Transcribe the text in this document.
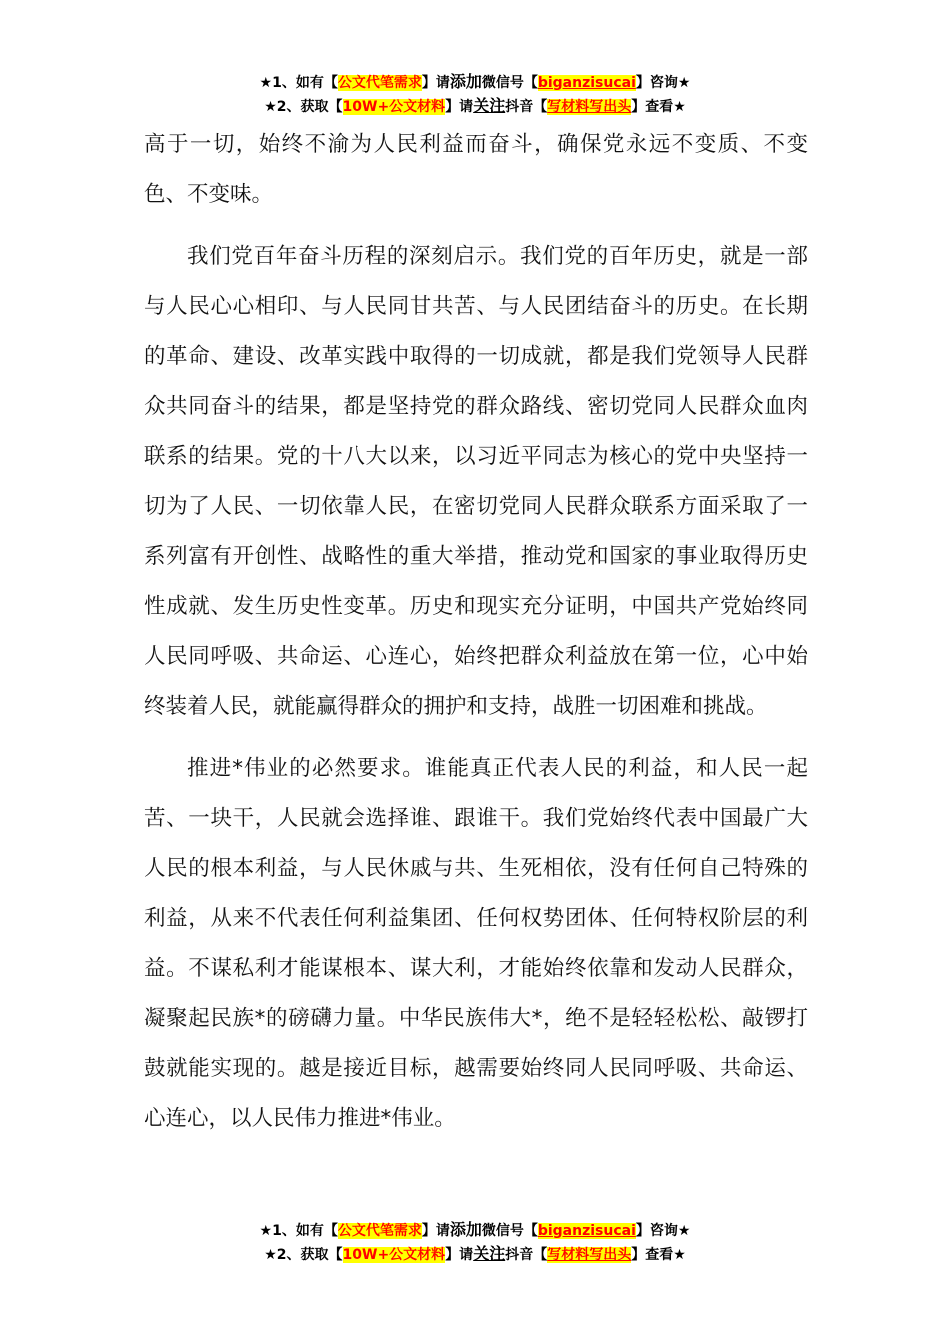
★1、如有【公文代笔需求】请添加微信号【biganzisucai】咨询★
★2、获取【10W+公文材料】请关注抖音【写材料写出头】查看★

高于一切，始终不渝为人民利益而奋斗，确保党永远不变质、不变色、不变味。

我们党百年奋斗历程的深刻启示。我们党的百年历史，就是一部与人民心心相印、与人民同甘共苦、与人民团结奋斗的历史。在长期的革命、建设、改革实践中取得的一切成就，都是我们党领导人民群众共同奋斗的结果，都是坚持党的群众路线、密切党同人民群众血肉联系的结果。党的十八大以来，以习近平同志为核心的党中央坚持一切为了人民、一切依靠人民，在密切党同人民群众联系方面采取了一系列富有开创性、战略性的重大举措，推动党和国家的事业取得历史性成就、发生历史性变革。历史和现实充分证明，中国共产党始终同人民同呼吸、共命运、心连心，始终把群众利益放在第一位，心中始终装着人民，就能赢得群众的拥护和支持，战胜一切困难和挑战。

推进*伟业的必然要求。谁能真正代表人民的利益，和人民一起苦、一块干，人民就会选择谁、跟谁干。我们党始终代表中国最广大人民的根本利益，与人民休戚与共、生死相依，没有任何自己特殊的利益，从来不代表任何利益集团、任何权势团体、任何特权阶层的利益。不谋私利才能谋根本、谋大利，才能始终依靠和发动人民群众，凝聚起民族*的磅礴力量。中华民族伟大*，绝不是轻轻松松、敲锣打鼓就能实现的。越是接近目标，越需要始终同人民同呼吸、共命运、心连心，以人民伟力推进*伟业。

★1、如有【公文代笔需求】请添加微信号【biganzisucai】咨询★
★2、获取【10W+公文材料】请关注抖音【写材料写出头】查看★
